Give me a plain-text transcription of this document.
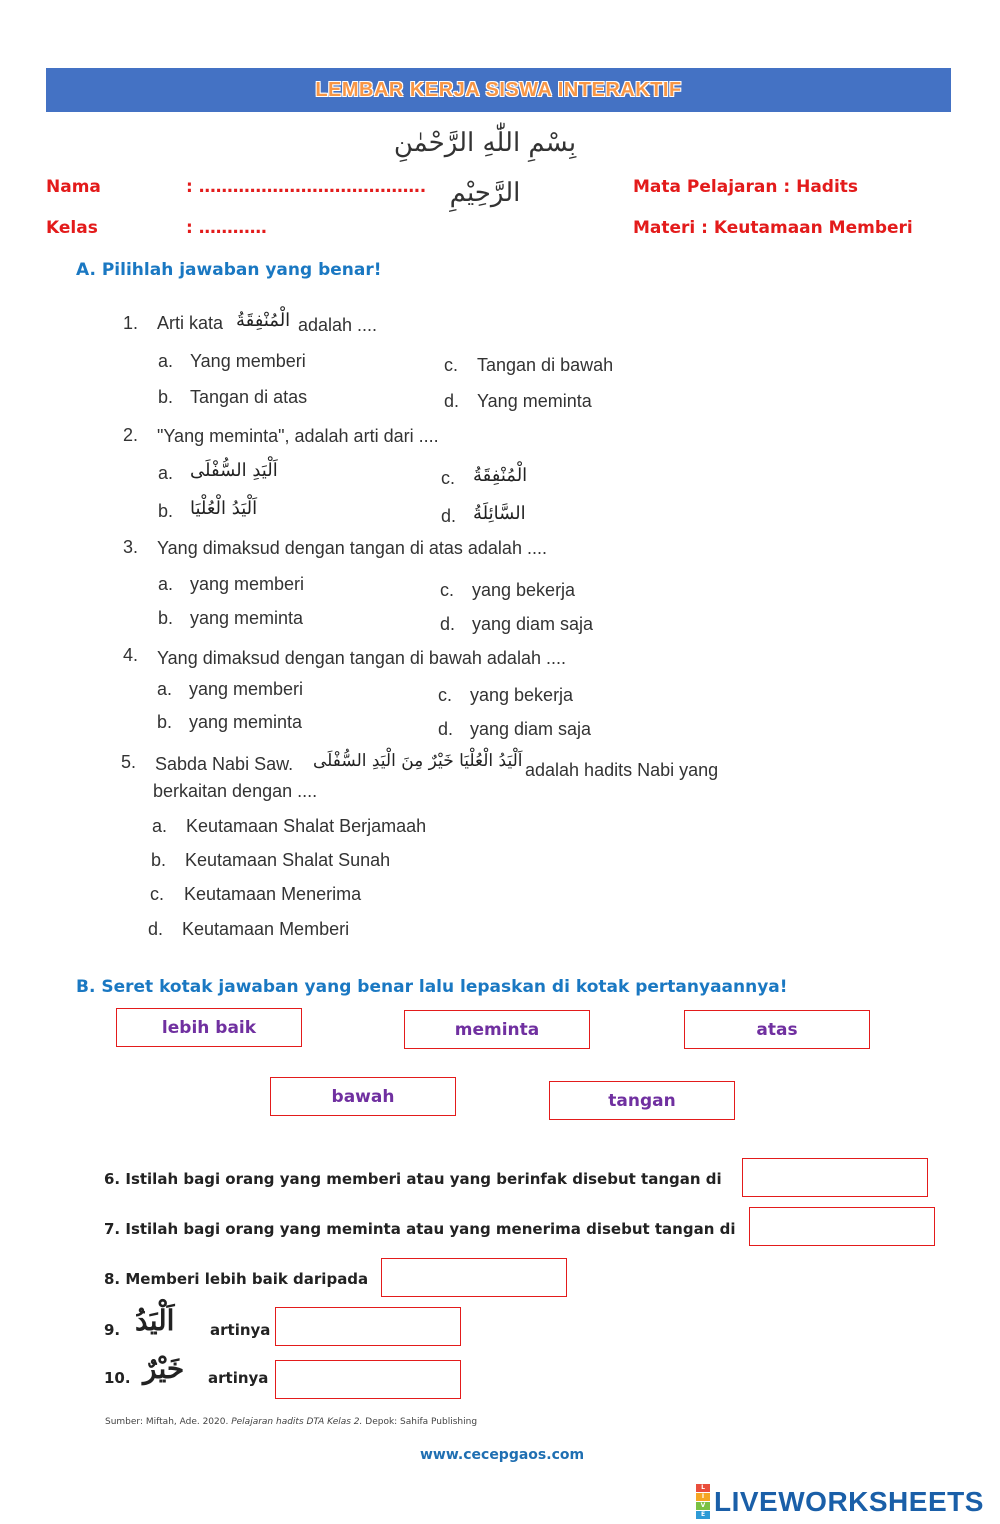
LEMBAR KERJA SISWA INTERAKTIF
بِسْمِ اللّٰهِ الرَّحْمٰنِ الرَّحِيْمِ
Nama	: ………………………………….
Kelas	: …………
Mata Pelajaran : Hadits
Materi : Keutamaan Memberi
A. Pilihlah jawaban yang benar!
1. Arti kata الْمُنْفِقَةُ adalah ....
a. Yang memberi
b. Tangan di atas
c. Tangan di bawah
d. Yang meminta
2. "Yang meminta", adalah arti dari ....
a. اَلْيَدِ السُّفْلَى
b. اَلْيَدُ الْعُلْيَا
c. الْمُنْفِقَةُ
d. السَّائِلَةُ
3. Yang dimaksud dengan tangan di atas adalah ....
a. yang memberi
b. yang meminta
c. yang bekerja
d. yang diam saja
4. Yang dimaksud dengan tangan di bawah adalah ....
a. yang memberi
b. yang meminta
c. yang bekerja
d. yang diam saja
5. Sabda Nabi Saw. اَلْيَدُ الْعُلْيَا خَيْرٌ مِنَ الْيَدِ السُّفْلَى adalah hadits Nabi yang
berkaitan dengan ....
a. Keutamaan Shalat Berjamaah
b. Keutamaan Shalat Sunah
c. Keutamaan Menerima
d. Keutamaan Memberi
B. Seret kotak jawaban yang benar lalu lepaskan di kotak pertanyaannya!
lebih baik	meminta	atas
bawah	tangan
6. Istilah bagi orang yang memberi atau yang berinfak disebut tangan di
7. Istilah bagi orang yang meminta atau yang menerima disebut tangan di
8. Memberi lebih baik daripada
9. اَلْيَدُ artinya
10. خَيْرٌ artinya
Sumber: Miftah, Ade. 2020. Pelajaran hadits DTA Kelas 2. Depok: Sahifa Publishing
www.cecepgaos.com
L
I
V
E LIVEWORKSHEETS
